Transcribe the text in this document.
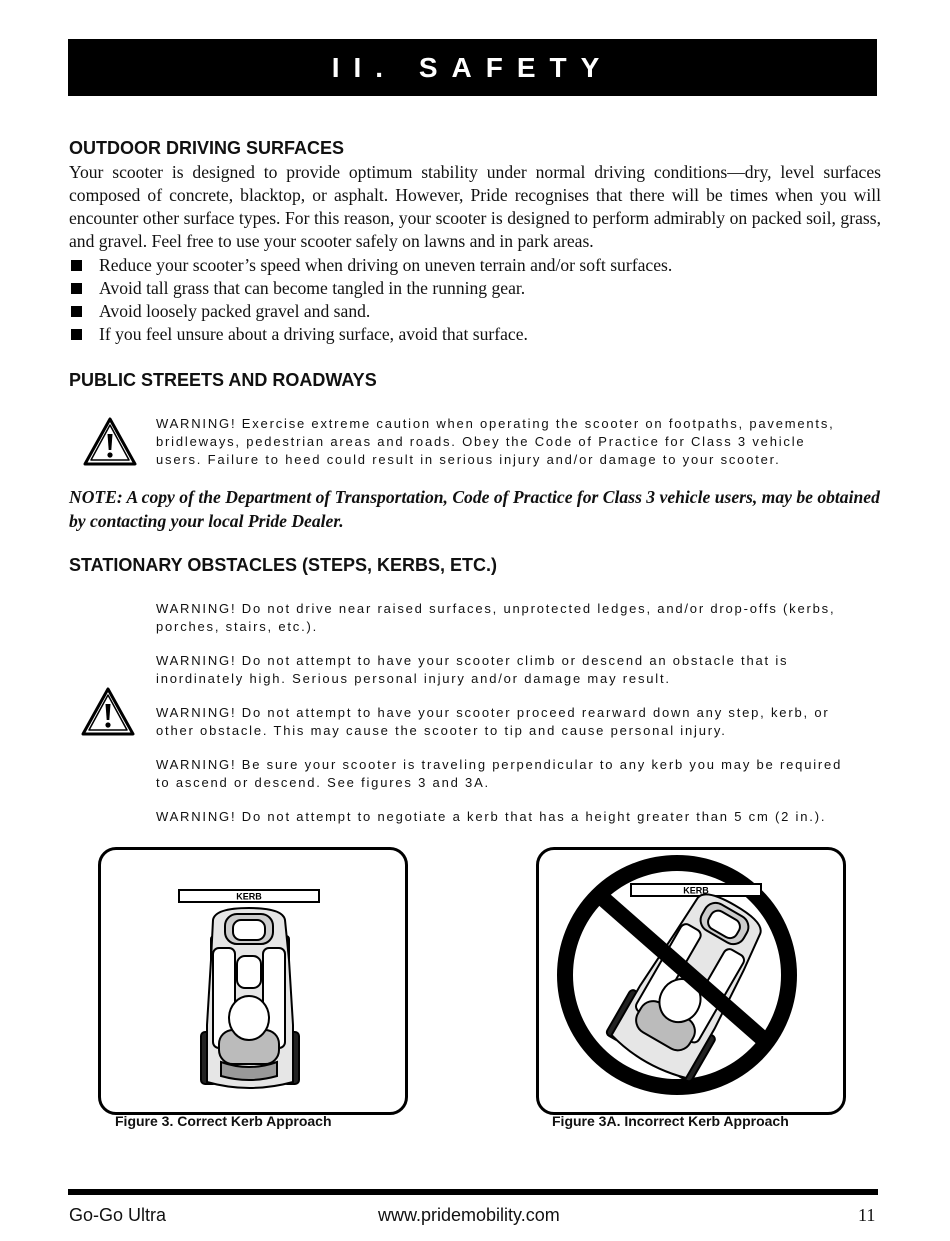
II. SAFETY
OUTDOOR DRIVING SURFACES
Your scooter is designed to provide optimum stability under normal driving conditions—dry, level surfaces composed of concrete, blacktop, or asphalt. However, Pride recognises that there will be times when you will encounter other surface types. For this reason, your scooter is designed to perform admirably on packed soil, grass, and gravel. Feel free to use your scooter safely on lawns and in park areas.
Reduce your scooter’s speed when driving on uneven terrain and/or soft surfaces.
Avoid tall grass that can become tangled in the running gear.
Avoid loosely packed gravel and sand.
If you feel unsure about a driving surface, avoid that surface.
PUBLIC STREETS AND ROADWAYS
WARNING! Exercise extreme caution when operating the scooter on footpaths, pavements, bridleways, pedestrian areas and roads. Obey the Code of Practice for Class 3 vehicle users. Failure to heed could result in serious injury and/or damage to your scooter.
NOTE: A copy of the Department of Transportation, Code of Practice for Class 3 vehicle users, may be obtained by contacting your local Pride Dealer.
STATIONARY OBSTACLES (STEPS, KERBS, ETC.)
WARNING! Do not drive near raised surfaces, unprotected ledges, and/or drop-offs (kerbs, porches, stairs, etc.).
WARNING! Do not attempt to have your scooter climb or descend an obstacle that is inordinately high. Serious personal injury and/or damage may result.
WARNING! Do not attempt to have your scooter proceed rearward down any step, kerb, or other obstacle. This may cause the scooter to tip and cause personal injury.
WARNING! Be sure your scooter is traveling perpendicular to any kerb you may be required to ascend or descend. See figures 3 and 3A.
WARNING! Do not attempt to negotiate a kerb that has a height greater than 5 cm (2 in.).
KERB
Figure 3. Correct Kerb Approach
KERB
Figure 3A. Incorrect Kerb Approach
Go-Go Ultra	www.pridemobility.com	11
